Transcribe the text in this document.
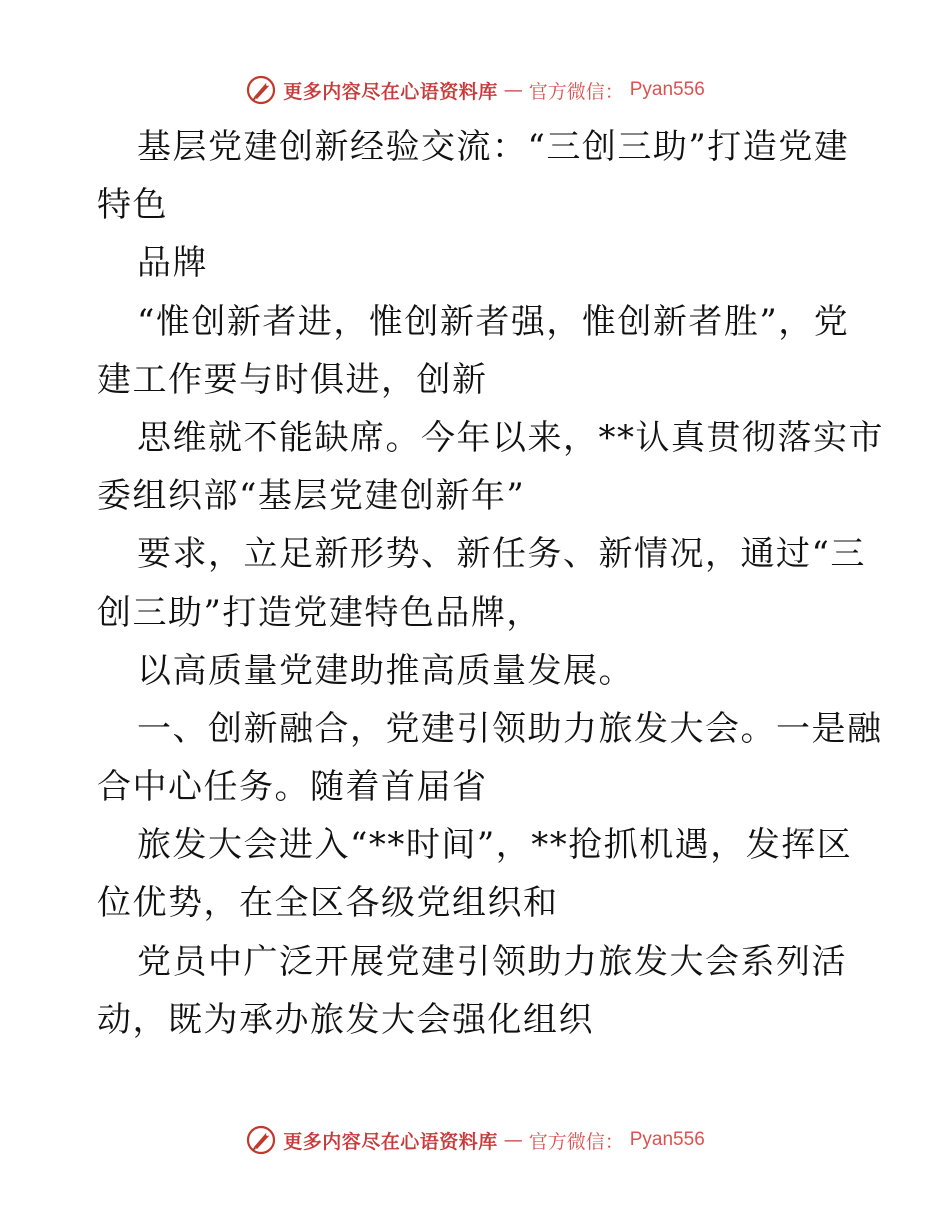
更多内容尽在心语资料库 — 官方微信： Pyan556
基层党建创新经验交流：“三创三助”打造党建
特色
品牌
“惟创新者进，惟创新者强，惟创新者胜”，党
建工作要与时俱进，创新
思维就不能缺席。今年以来，**认真贯彻落实市
委组织部“基层党建创新年”
要求，立足新形势、新任务、新情况，通过“三
创三助”打造党建特色品牌，
以高质量党建助推高质量发展。
一、创新融合，党建引领助力旅发大会。一是融
合中心任务。随着首届省
旅发大会进入“**时间”，**抢抓机遇，发挥区
位优势，在全区各级党组织和
党员中广泛开展党建引领助力旅发大会系列活
动，既为承办旅发大会强化组织
更多内容尽在心语资料库 — 官方微信： Pyan556
